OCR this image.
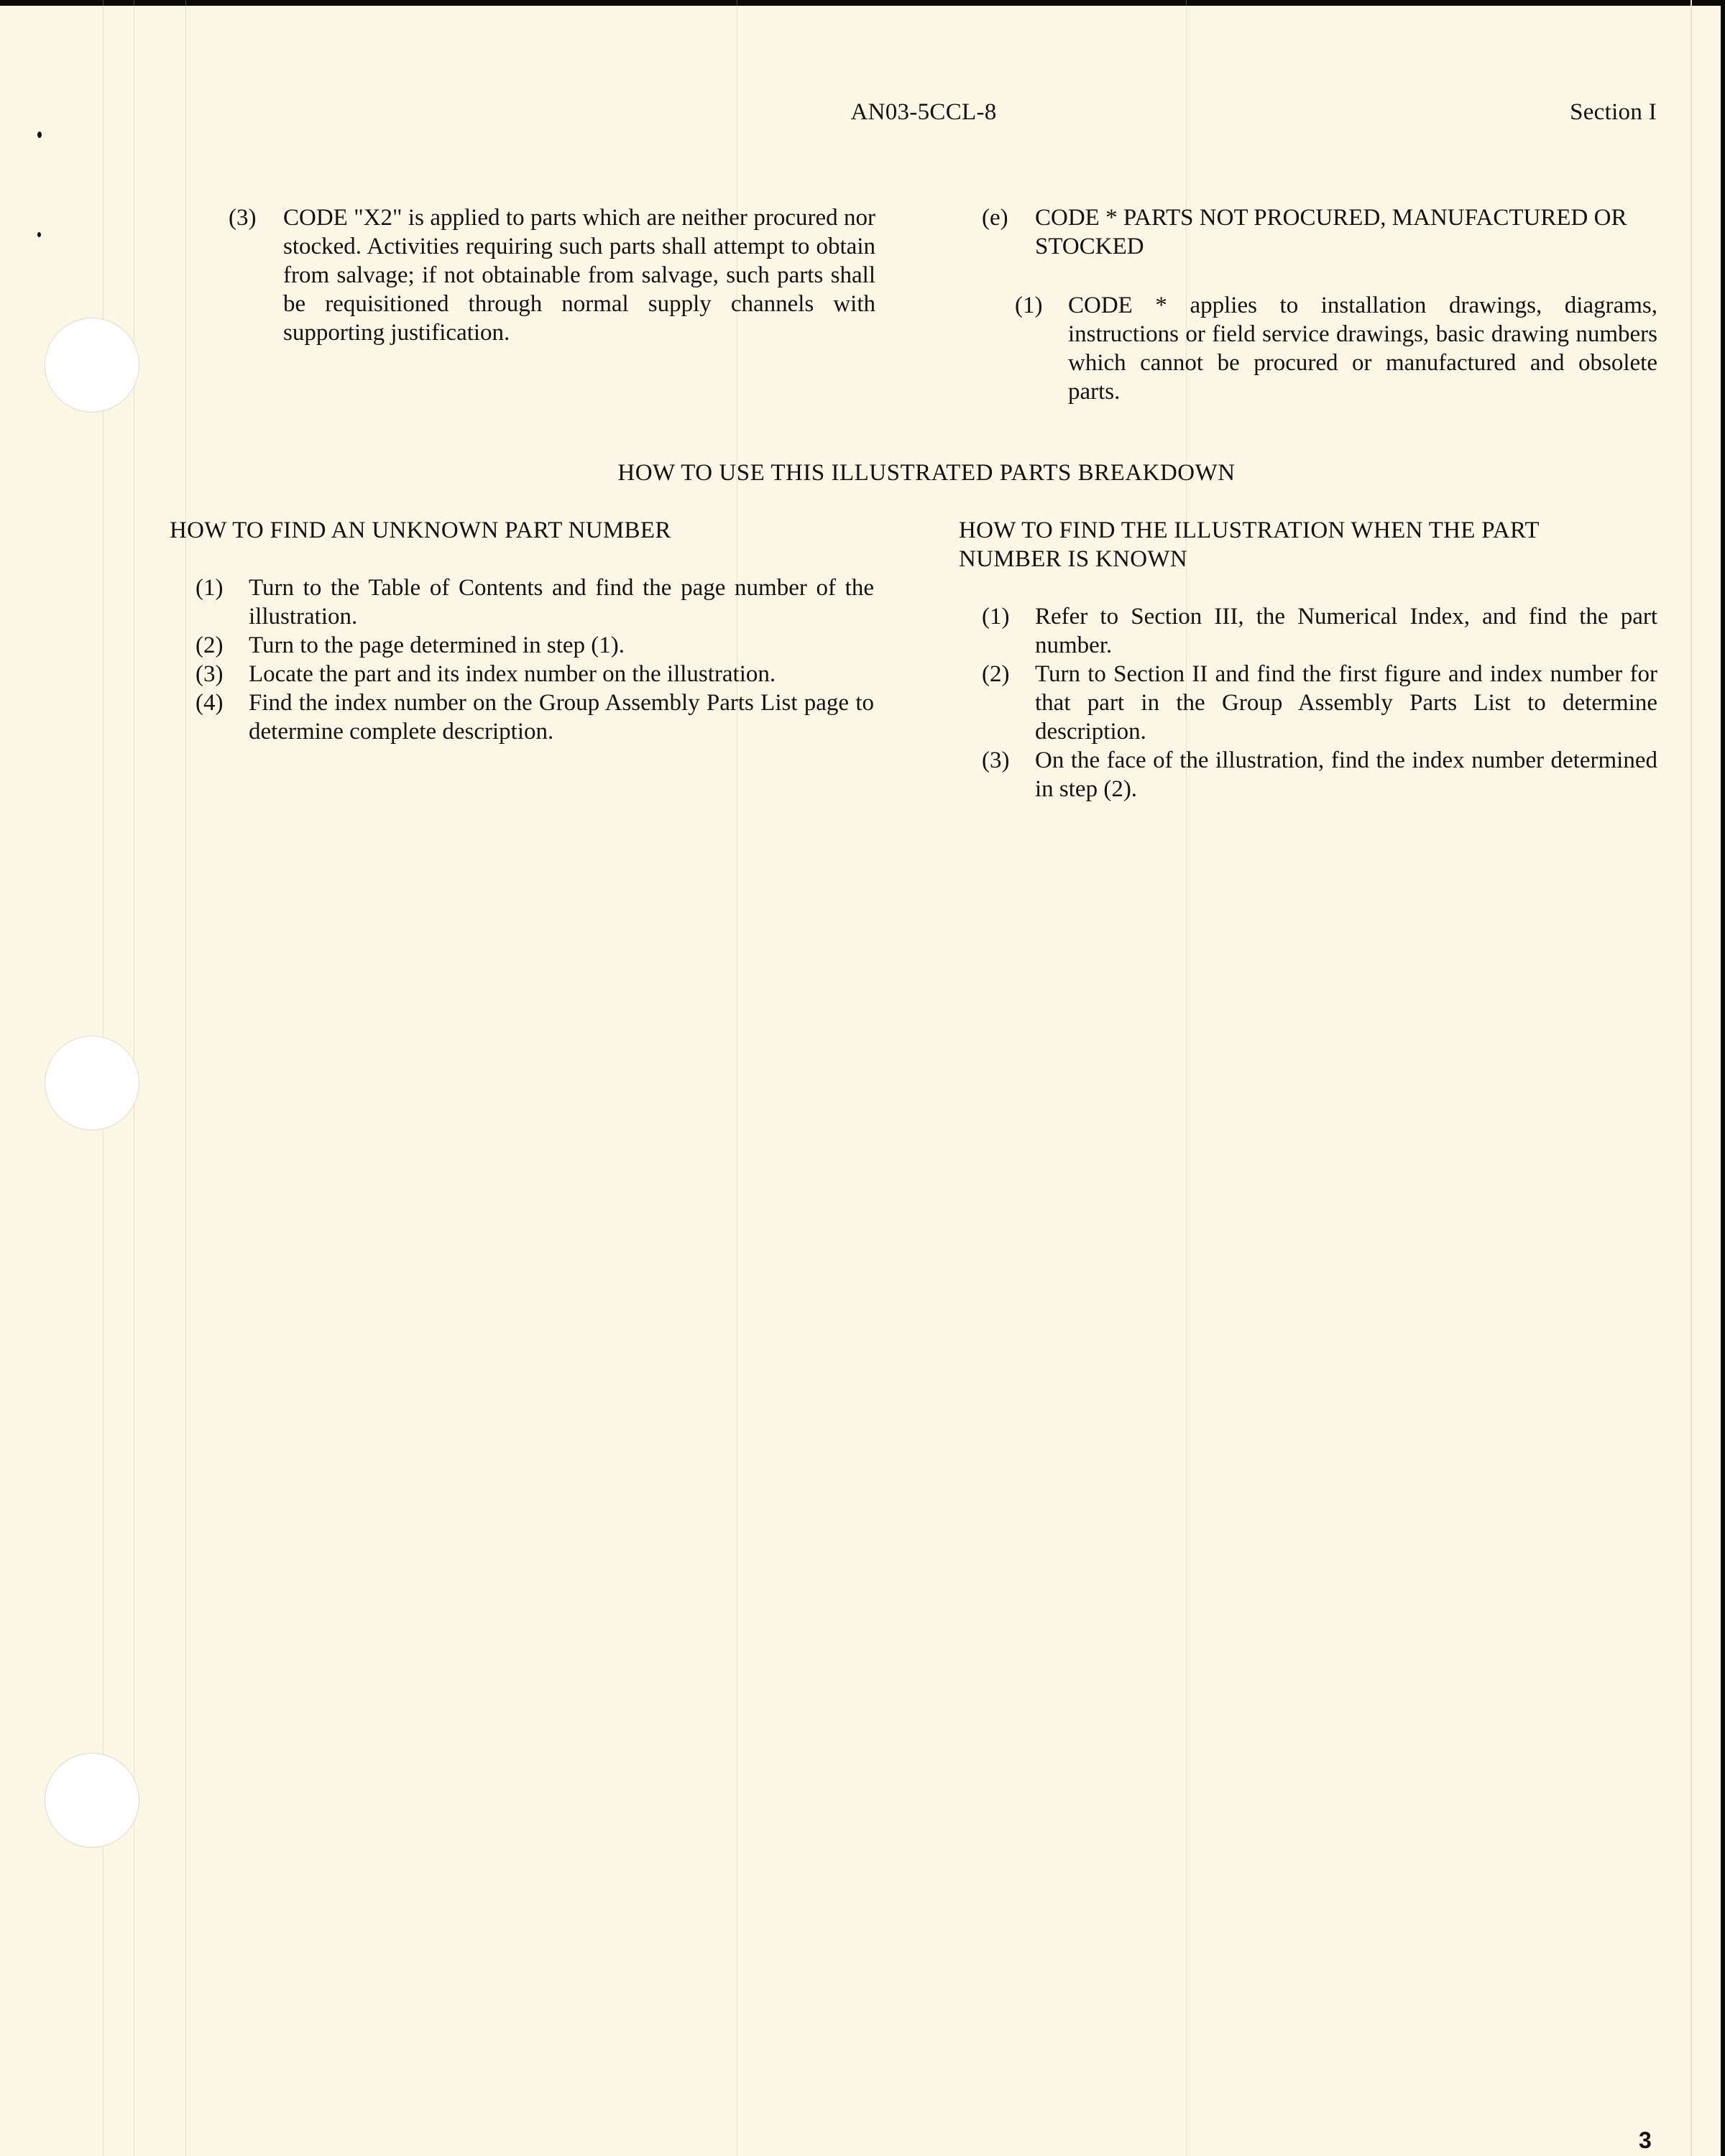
AN03-5CCL-8	Section I
(3)	CODE "X2" is applied to parts which are neither procured nor stocked. Activities requiring such parts shall attempt to obtain from salvage; if not obtainable from salvage, such parts shall be requisitioned through normal supply channels with supporting justification.
(e)	CODE * PARTS NOT PROCURED, MANUFACTURED OR STOCKED
(1)	CODE * applies to installation drawings, diagrams, instructions or field service drawings, basic drawing numbers which cannot be procured or manufactured and obsolete parts.
HOW TO USE THIS ILLUSTRATED PARTS BREAKDOWN
HOW TO FIND AN UNKNOWN PART NUMBER
(1)	Turn to the Table of Contents and find the page number of the illustration.
(2)	Turn to the page determined in step (1).
(3)	Locate the part and its index number on the illustration.
(4)	Find the index number on the Group Assembly Parts List page to determine complete description.
HOW TO FIND THE ILLUSTRATION WHEN THE PART NUMBER IS KNOWN
(1)	Refer to Section III, the Numerical Index, and find the part number.
(2)	Turn to Section II and find the first figure and index number for that part in the Group Assembly Parts List to determine description.
(3)	On the face of the illustration, find the index number determined in step (2).
3
